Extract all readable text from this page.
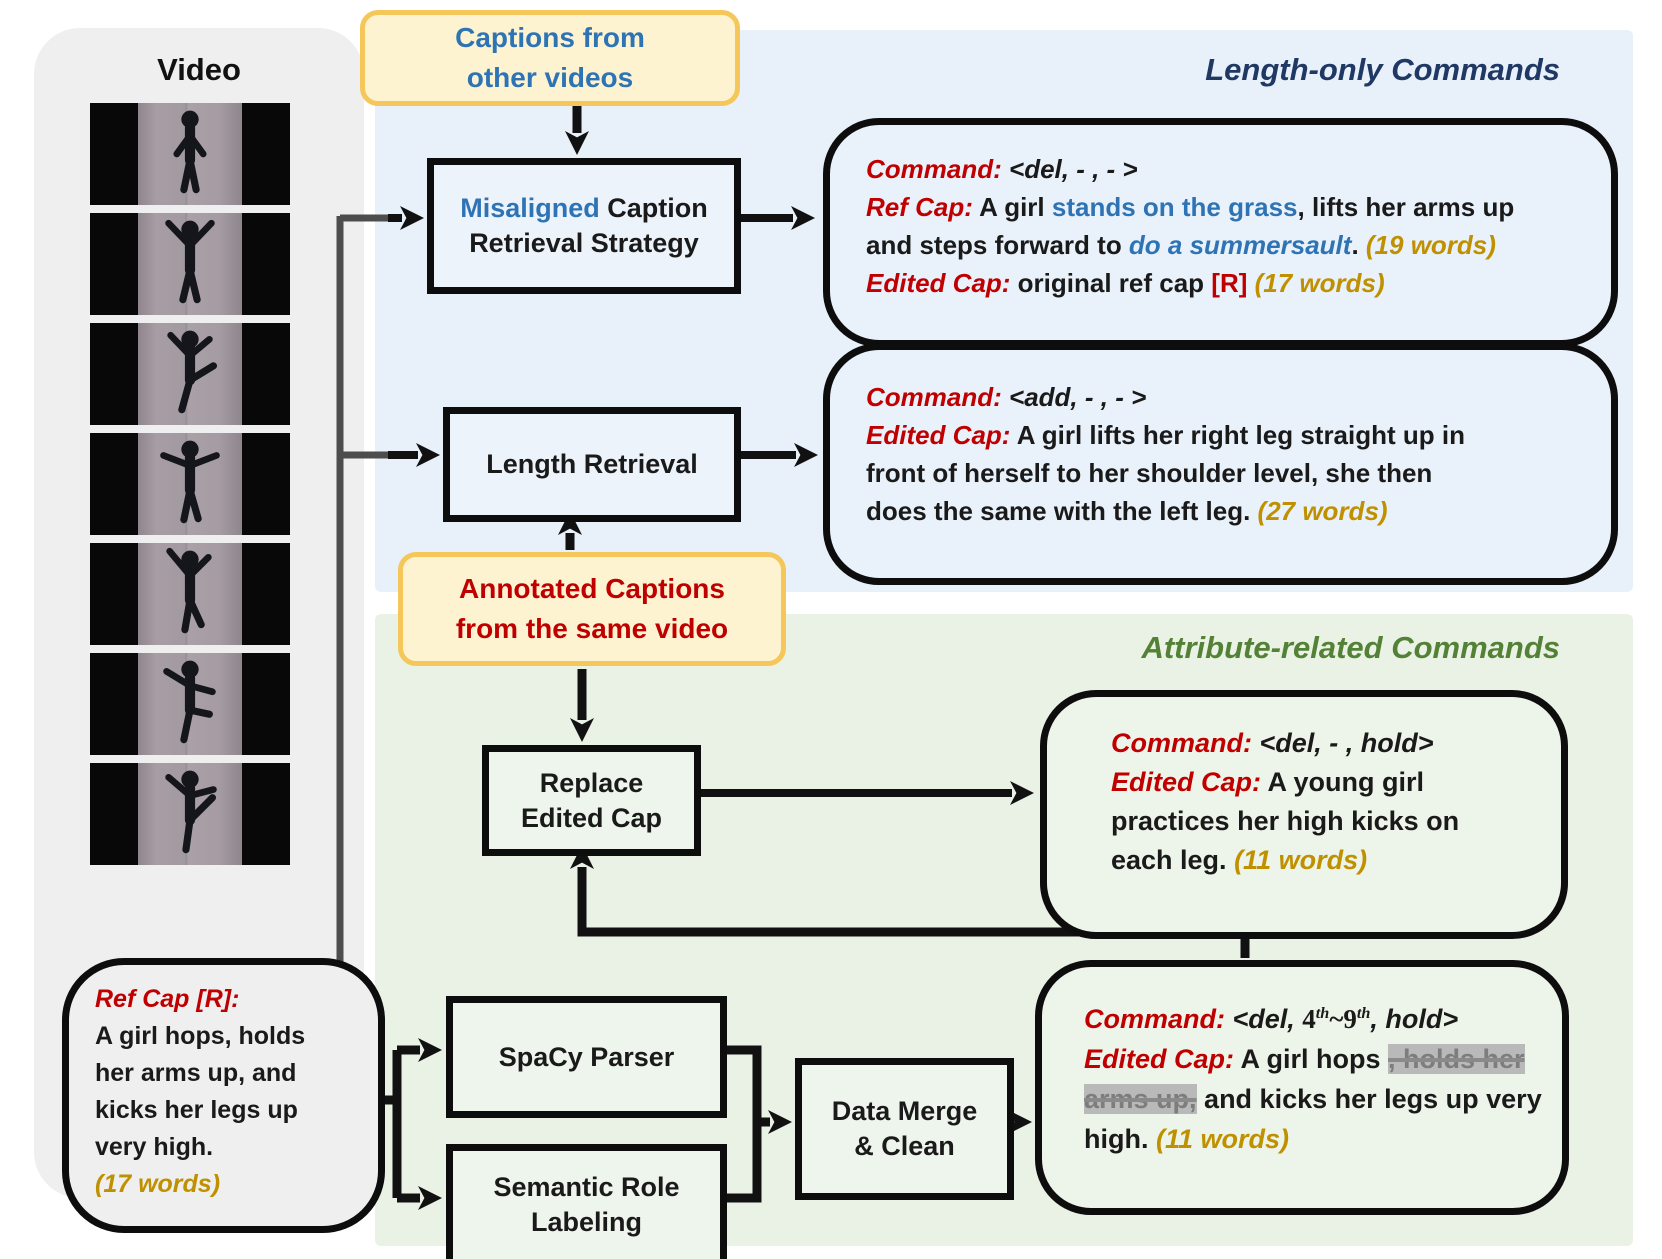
Video
Ref Cap [R]:
A girl hops, holds
her arms up, and
kicks her legs up
very high.
(17 words)
Captions from
other videos
Annotated Captions
from the same video
Length-only Commands
Attribute-related Commands
Misaligned Caption
Retrieval Strategy
Length Retrieval
Replace
Edited Cap
SpaCy Parser
Semantic Role
Labeling
Data Merge
& Clean
Command: <del, - , - >
Ref Cap: A girl stands on the grass, lifts her arms up
and steps forward to do a summersault. (19 words)
Edited Cap: original ref cap [R] (17 words)
Command: <add, - , - >
Edited Cap: A girl lifts her right leg straight up in
front of herself to her shoulder level, she then
does the same with the left leg. (27 words)
Command: <del, - , hold>
Edited Cap: A young girl
practices her high kicks on
each leg. (11 words)
Command: <del, 4th~9th, hold>
Edited Cap: A girl hops , holds her
arms up, and kicks her legs up very
high. (11 words)
